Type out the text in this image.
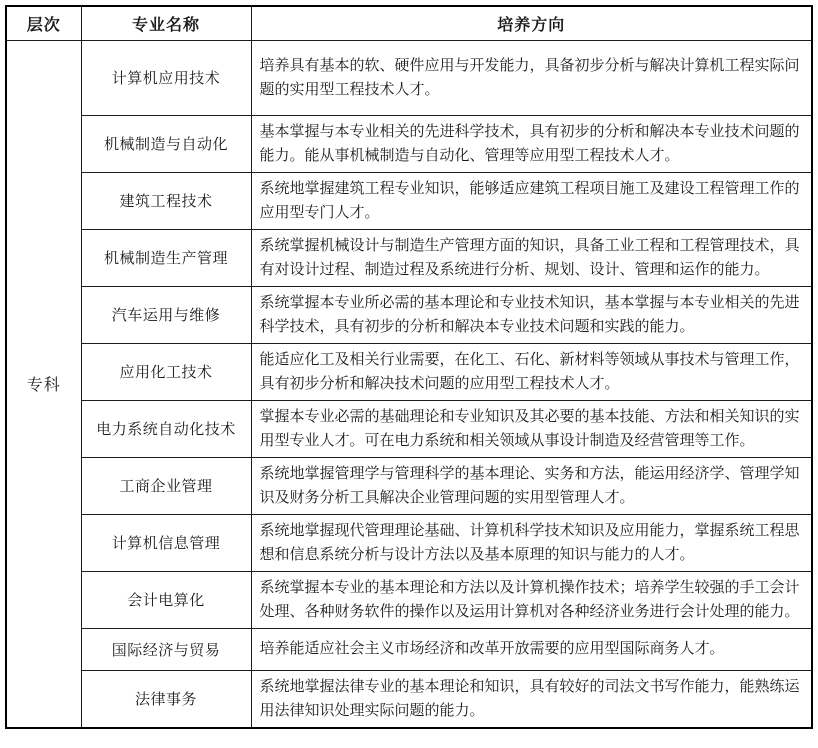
层次	专业名称	培养方向
专科	计算机应用技术	培养具有基本的软、硬件应用与开发能力，具备初步分析与解决计算机工程实际问题的实用型工程技术人才。
	机械制造与自动化	基本掌握与本专业相关的先进科学技术，具有初步的分析和解决本专业技术问题的能力。能从事机械制造与自动化、管理等应用型工程技术人才。
	建筑工程技术	系统地掌握建筑工程专业知识，能够适应建筑工程项目施工及建设工程管理工作的应用型专门人才。
	机械制造生产管理	系统掌握机械设计与制造生产管理方面的知识，具备工业工程和工程管理技术，具有对设计过程、制造过程及系统进行分析、规划、设计、管理和运作的能力。
	汽车运用与维修	系统掌握本专业所必需的基本理论和专业技术知识，基本掌握与本专业相关的先进科学技术，具有初步的分析和解决本专业技术问题和实践的能力。
	应用化工技术	能适应化工及相关行业需要，在化工、石化、新材料等领域从事技术与管理工作，具有初步分析和解决技术问题的应用型工程技术人才。
	电力系统自动化技术	掌握本专业必需的基础理论和专业知识及其必要的基本技能、方法和相关知识的实用型专业人才。可在电力系统和相关领域从事设计制造及经营管理等工作。
	工商企业管理	系统地掌握管理学与管理科学的基本理论、实务和方法，能运用经济学、管理学知识及财务分析工具解决企业管理问题的实用型管理人才。
	计算机信息管理	系统地掌握现代管理理论基础、计算机科学技术知识及应用能力，掌握系统工程思想和信息系统分析与设计方法以及基本原理的知识与能力的人才。
	会计电算化	系统掌握本专业的基本理论和方法以及计算机操作技术；培养学生较强的手工会计处理、各种财务软件的操作以及运用计算机对各种经济业务进行会计处理的能力。
	国际经济与贸易	培养能适应社会主义市场经济和改革开放需要的应用型国际商务人才。
	法律事务	系统地掌握法律专业的基本理论和知识，具有较好的司法文书写作能力，能熟练运用法律知识处理实际问题的能力。
